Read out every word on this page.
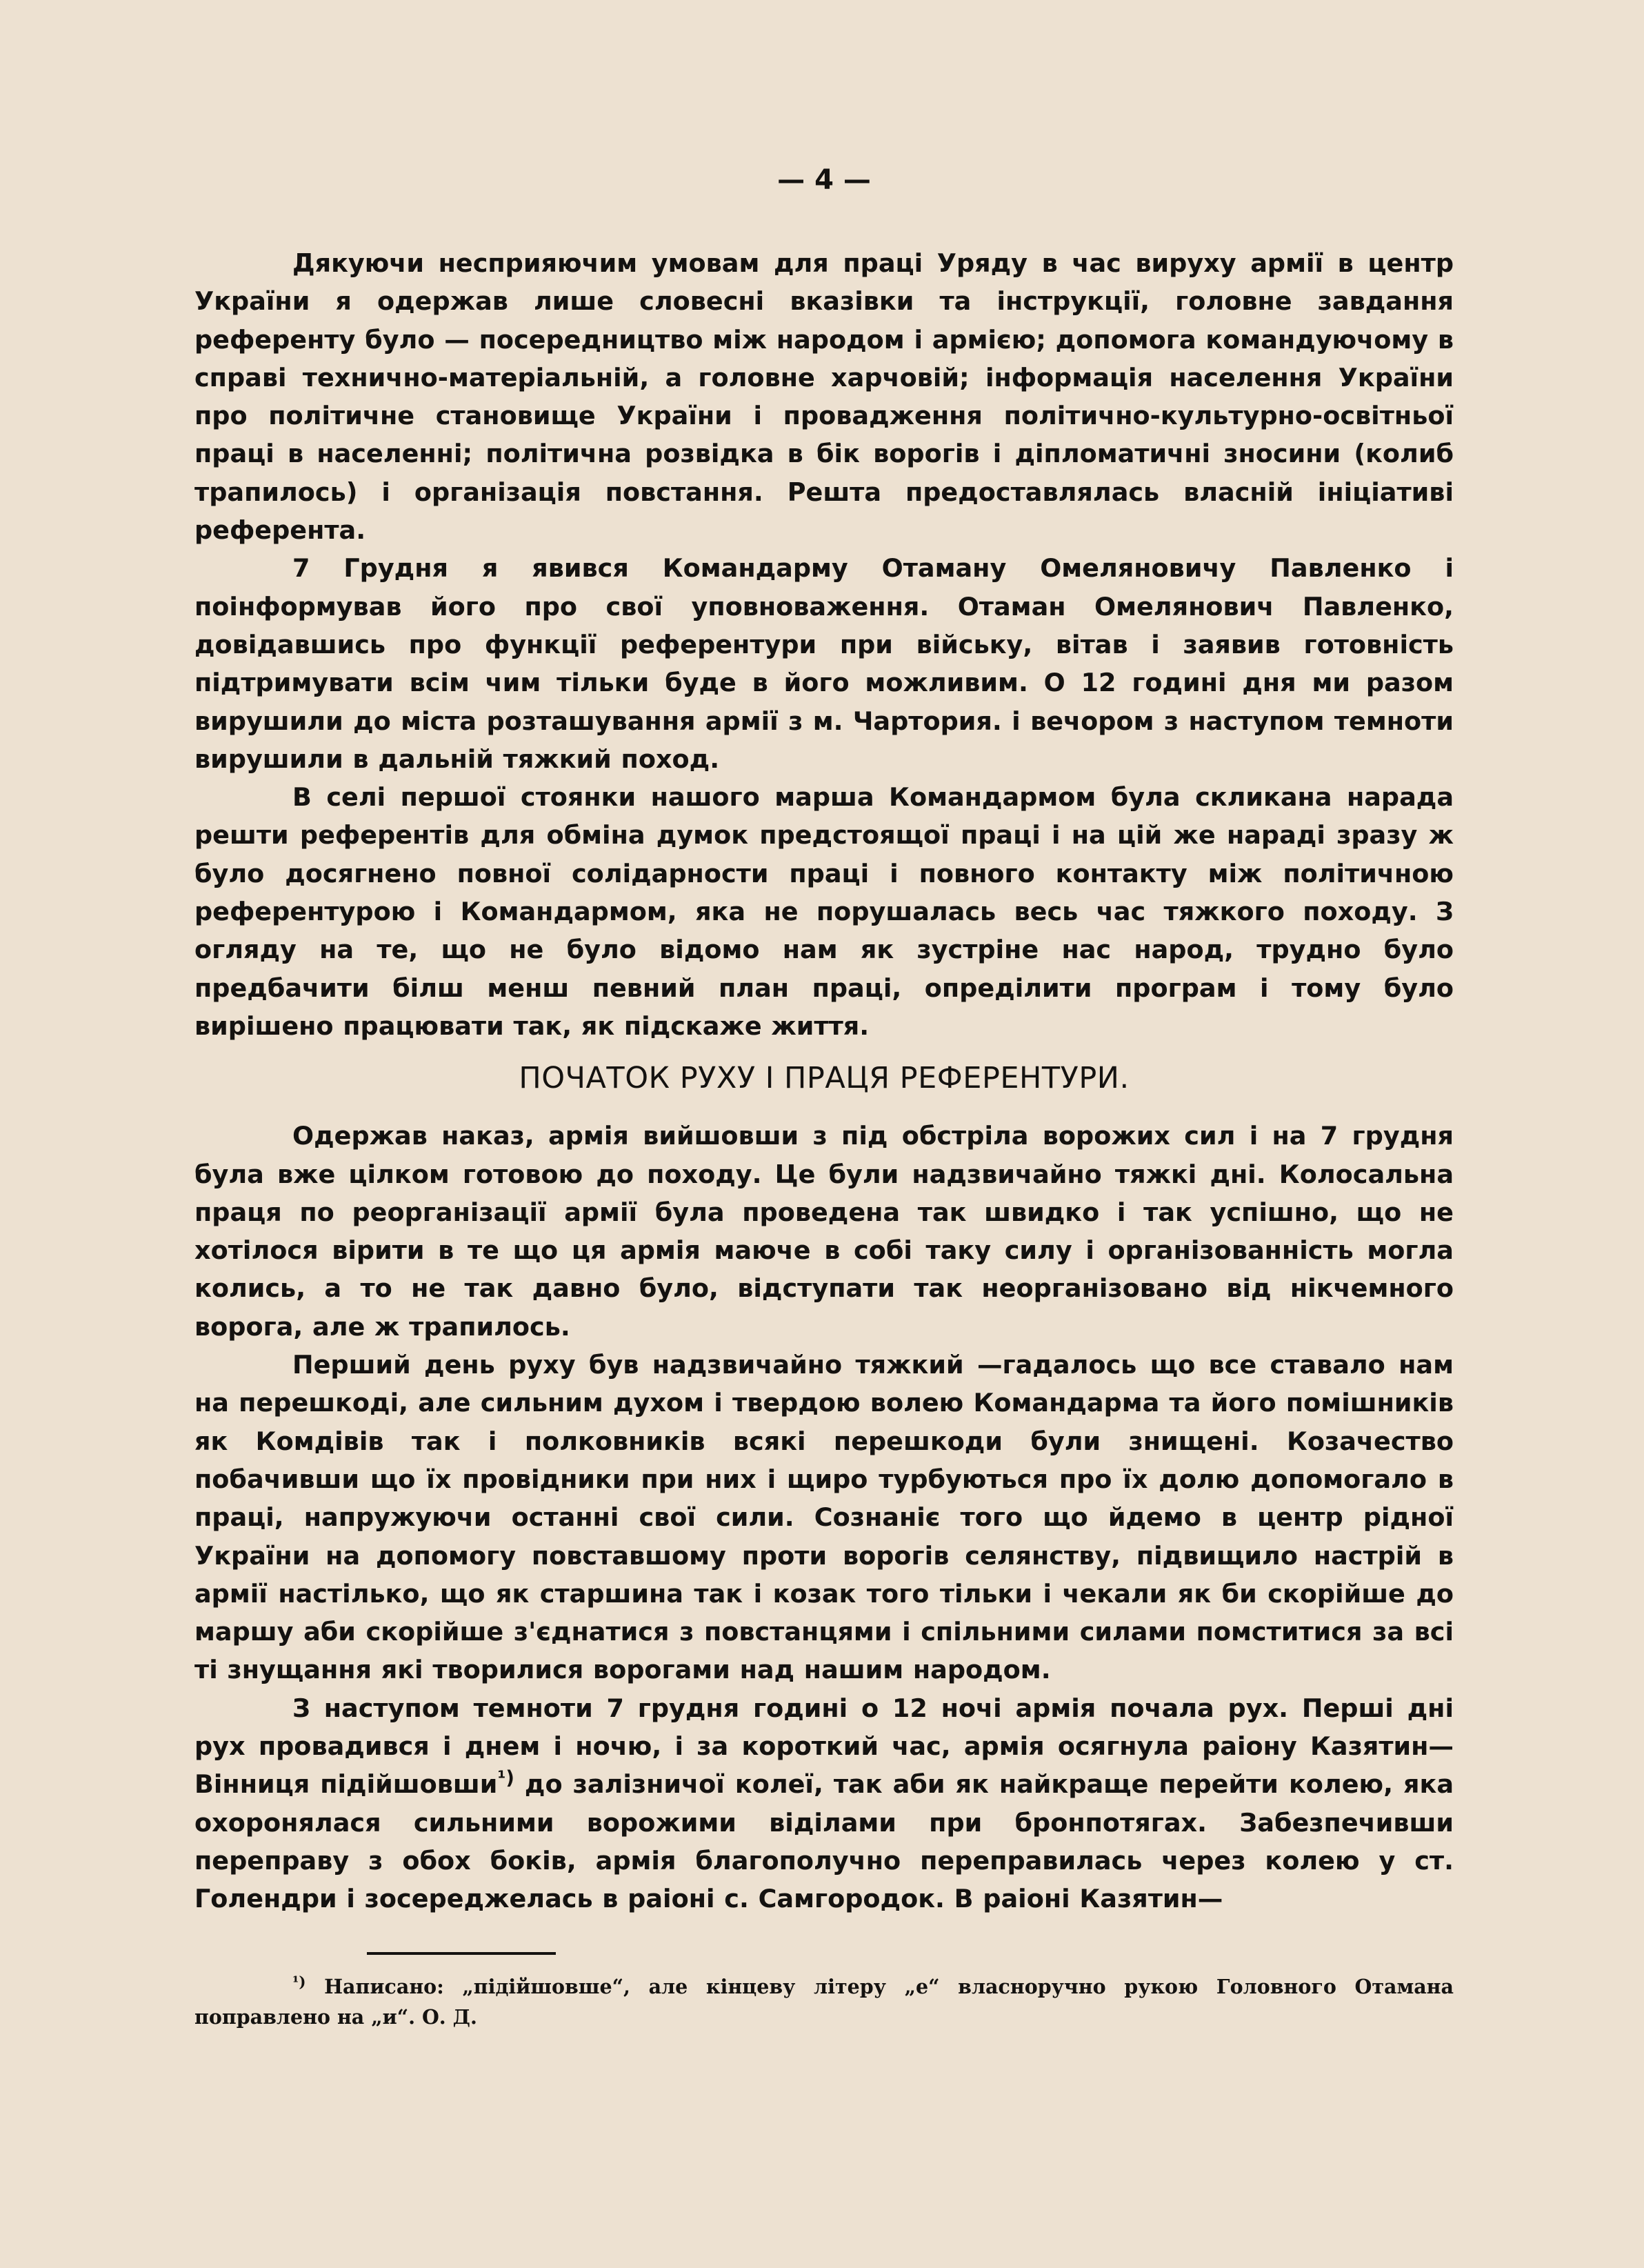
— 4 —

Дякуючи несприяючим умовам для праці Уряду в час виpуху армії в центр України я одержав лише словесні вказівки та інструкції, головне завдання референту було — посередництво між народом і армією; допомога командуючому в справі технично-матеріальній, а головне харчовій; інформація населення України про політичне становище України і провадження політично-культурно-освітньої праці в населенні; політична розвідка в бік ворогів і діпломатичні зносини (колиб трапилось) і організація повстання. Решта предоставлялась власній ініціативі референта.

7 Грудня я явився Командарму Отаману Омеляновичу Павленко і поінформував його про свої уповноваження. Отаман Омелянович Павленко, довідавшись про функції референтури при війську, вітав і заявив готовність підтримувати всім чим тільки буде в його можливим. О 12 годині дня ми разом вирушили до міста розташування армії з м. Чартория. і вечором з наступом темноти вирушили в дальній тяжкий поход.

В селі першої стоянки нашого марша Командармом була скликана нарада решти референтів для обміна думок предстоящої праці і на цій же нараді зразу ж було досягнено повної солідарности праці і повного контакту між політичною референтурою і Командармом, яка не порушалась весь час тяжкого походу. З огляду на те, що не було відомо нам як зустріне нас народ, трудно було предбачити білш менш певний план праці, опреділити програм і тому було вирішено працювати так, як підскаже життя.

ПОЧАТОК РУХУ І ПРАЦЯ РЕФЕРЕНТУРИ.

Одержав наказ, армія вийшовши з під обстріла ворожих сил і на 7 грудня була вже цілком готовою до походу. Це були надзвичайно тяжкі дні. Колосальна праця по реорганізації армії була проведена так швидко і так успішно, що не хотілося вірити в те що ця армія маюче в собі таку силу і організованність могла колись, а то не так давно було, відступати так неорганізовано від нікчемного ворога, але ж трапилось.

Перший день руху був надзвичайно тяжкий —гадалось що все ставало нам на перешкоді, але сильним духом і твердою волею Командарма та його помішників як Комдівів так і полковників всякі перешкоди були знищені. Козачество побачивши що їх провідники при них і щиро турбуються про їх долю допомогало в праці, напружуючи останні свої сили. Сознаніє того що йдемо в центр рідної України на допомогу повставшому проти ворогів селянству, підвищило настрій в армії настілько, що як старшина так і козак того тільки і чекали як би скорійше до маршу аби скорійше з'єднатися з повстанцями і спільними силами помститися за всі ті знущання які творилися ворогами над нашим народом.

З наступом темноти 7 грудня годині о 12 ночі армія почала рух. Перші дні рух провадився і днем і ночю, і за короткий час, армія осягнула раіону Казятин—Вінниця підійшовши$^{^1)}$ до залізничої колеї, так аби як найкраще перейти колею, яка охоронялася сильними ворожими віділами при бронпотягах. Забезпечивши переправу з обох боків, армія благополучно переправилась через колею у ст. Голендри і зосереджелась в раіоні с. Самгородок. В раіоні Казятин—

$^{^1)}$ Написано: „підійшовше“, але кінцеву літеру „е“ власноручно рукою Головного Отамана поправлено на „и“. О. Д.
